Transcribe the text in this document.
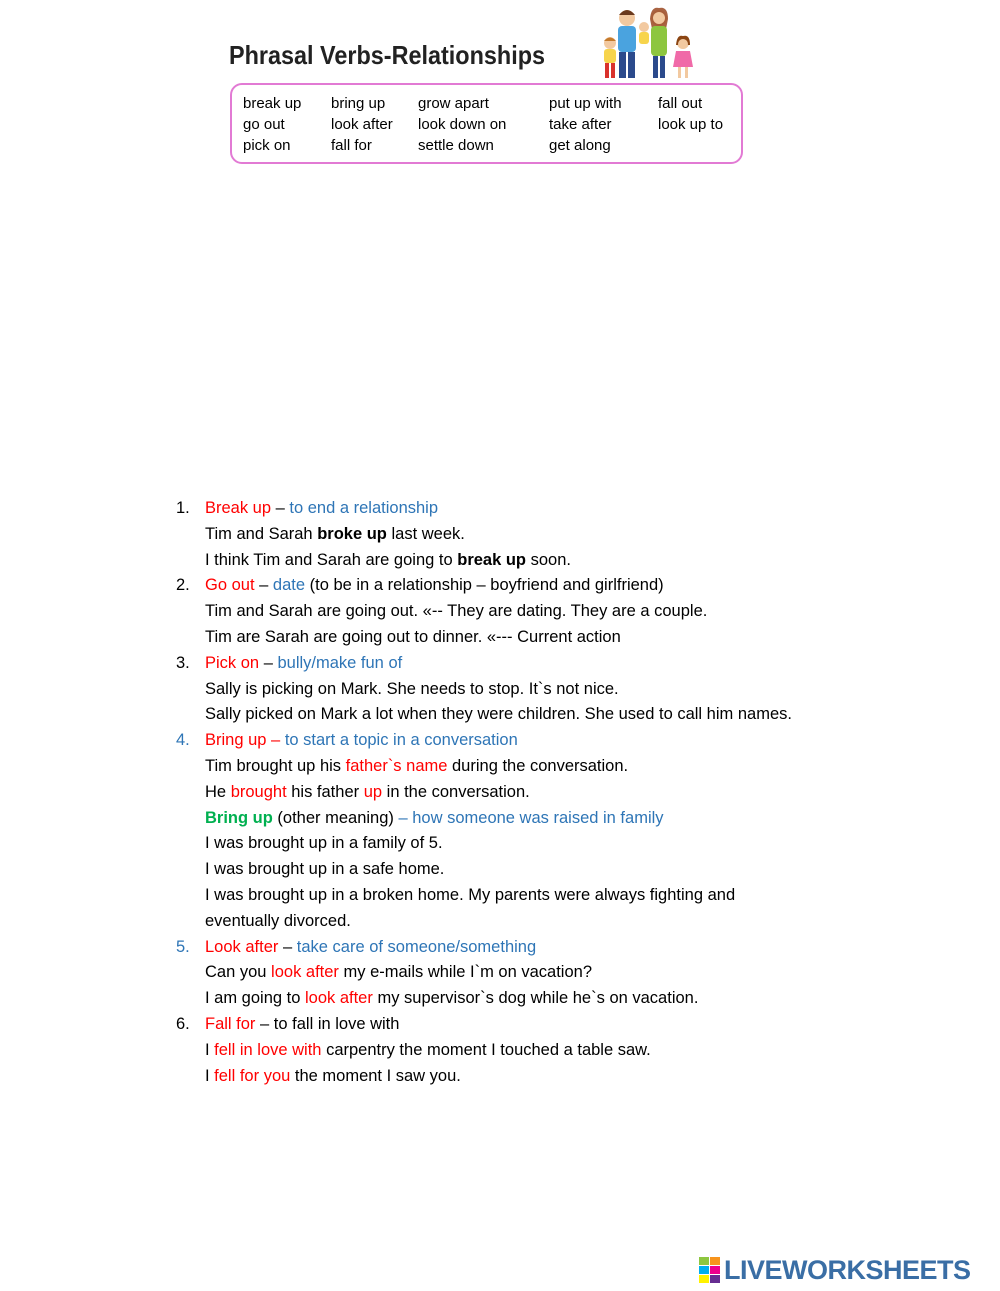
Phrasal Verbs-Relationships
break up
go out
pick on
bring up
look after
fall for
grow apart
look down on
settle down
put up with
take after
get along
fall out
look up to
1. Break up – to end a relationship
Tim and Sarah broke up last week.
I think Tim and Sarah are going to break up soon.
2. Go out – date (to be in a relationship – boyfriend and girlfriend)
Tim and Sarah are going out. «-- They are dating. They are a couple.
Tim are Sarah are going out to dinner. «--- Current action
3. Pick on – bully/make fun of
Sally is picking on Mark. She needs to stop. It`s not nice.
Sally picked on Mark a lot when they were children. She used to call him names.
4. Bring up – to start a topic in a conversation
Tim brought up his father`s name during the conversation.
He brought his father up in the conversation.
Bring up (other meaning) – how someone was raised in family
I was brought up in a family of 5.
I was brought up in a safe home.
I was brought up in a broken home. My parents were always fighting and
eventually divorced.
5. Look after – take care of someone/something
Can you look after my e-mails while I`m on vacation?
I am going to look after my supervisor`s dog while he`s on vacation.
6. Fall for – to fall in love with
I fell in love with carpentry the moment I touched a table saw.
I fell for you the moment I saw you.
LIVEWORKSHEETS
